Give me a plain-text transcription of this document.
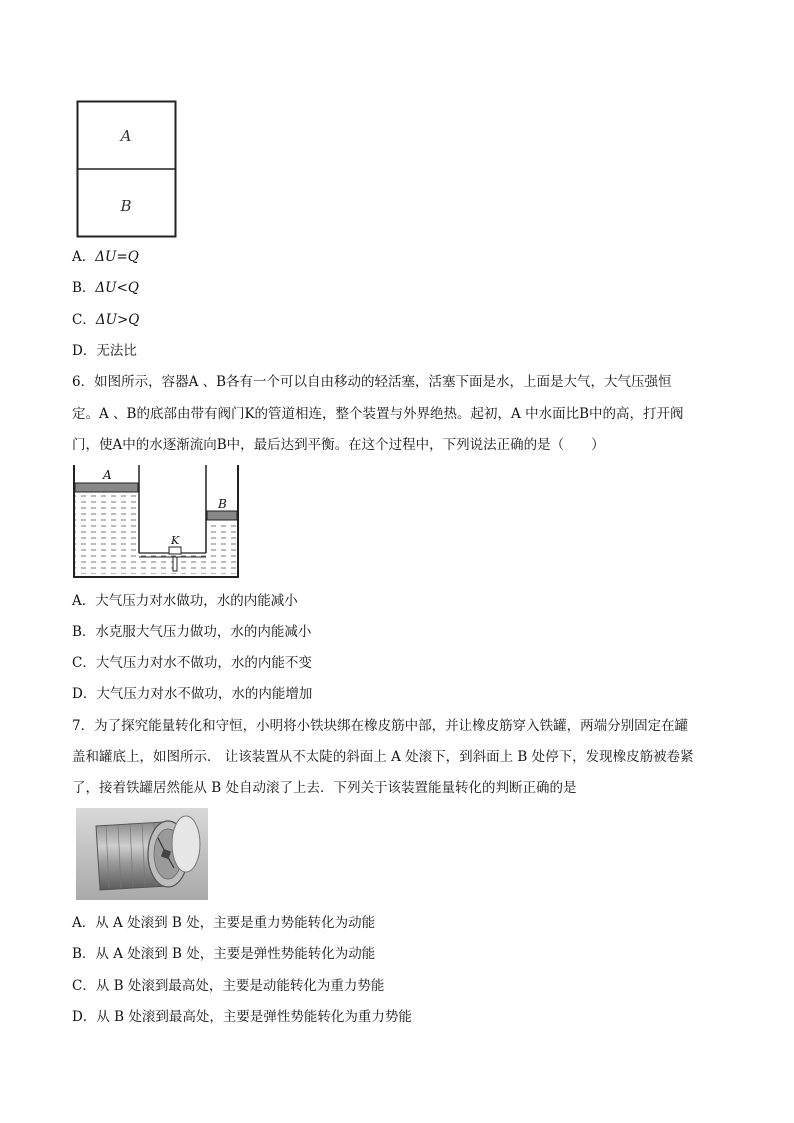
A
B
A．ΔU=Q
B．ΔU<Q
C．ΔU>Q
D．无法比
6．如图所示，容器A 、B各有一个可以自由移动的轻活塞，活塞下面是水，上面是大气，大气压强恒
定。A 、B的底部由带有阀门K的管道相连，整个装置与外界绝热。起初，A 中水面比B中的高，打开阀
门，使A中的水逐渐流向B中，最后达到平衡。在这个过程中，下列说法正确的是（　　）
A
B
K
A．大气压力对水做功，水的内能减小
B．水克服大气压力做功，水的内能减小
C．大气压力对水不做功，水的内能不变
D．大气压力对水不做功，水的内能增加
7．为了探究能量转化和守恒，小明将小铁块绑在橡皮筋中部，并让橡皮筋穿入铁罐，两端分别固定在罐
盖和罐底上，如图所示． 让该装置从不太陡的斜面上 A 处滚下，到斜面上 B 处停下，发现橡皮筋被卷紧
了，接着铁罐居然能从 B 处自动滚了上去．下列关于该装置能量转化的判断正确的是
A．从 A 处滚到 B 处，主要是重力势能转化为动能
B．从 A 处滚到 B 处，主要是弹性势能转化为动能
C．从 B 处滚到最高处，主要是动能转化为重力势能
D．从 B 处滚到最高处，主要是弹性势能转化为重力势能
